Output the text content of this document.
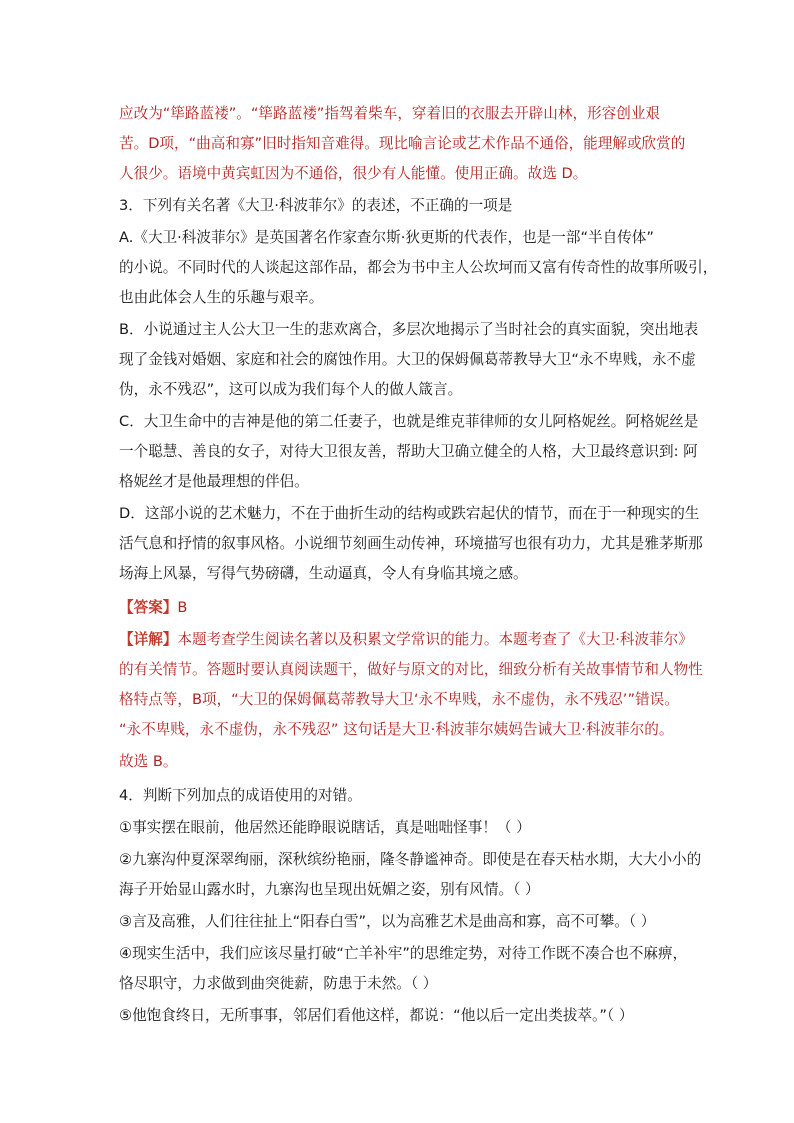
应改为“筚路蓝褛”。“筚路蓝褛”指驾着柴车，穿着旧的衣服去开辟山林，形容创业艰
苦。D项，“曲高和寡”旧时指知音难得。现比喻言论或艺术作品不通俗，能理解或欣赏的
人很少。语境中黄宾虹因为不通俗，很少有人能懂。使用正确。故选 D。
3．下列有关名著《大卫·科波菲尔》的表述，不正确的一项是
A.《大卫·科波菲尔》是英国著名作家查尔斯·狄更斯的代表作，也是一部“半自传体”
的小说。不同时代的人谈起这部作品，都会为书中主人公坎坷而又富有传奇性的故事所吸引，
也由此体会人生的乐趣与艰辛。
B．小说通过主人公大卫一生的悲欢离合，多层次地揭示了当时社会的真实面貌，突出地表
现了金钱对婚姻、家庭和社会的腐蚀作用。大卫的保姆佩葛蒂教导大卫“永不卑贱，永不虚
伪，永不残忍”，这可以成为我们每个人的做人箴言。
C．大卫生命中的吉神是他的第二任妻子，也就是维克菲律师的女儿阿格妮丝。阿格妮丝是
一个聪慧、善良的女子，对待大卫很友善，帮助大卫确立健全的人格，大卫最终意识到: 阿
格妮丝才是他最理想的伴侣。
D．这部小说的艺术魅力，不在于曲折生动的结构或跌宕起伏的情节，而在于一种现实的生
活气息和抒情的叙事风格。小说细节刻画生动传神，环境描写也很有功力，尤其是雅茅斯那
场海上风暴，写得气势磅礴，生动逼真，令人有身临其境之感。
【答案】B
【详解】本题考查学生阅读名著以及积累文学常识的能力。本题考查了《大卫·科波菲尔》
的有关情节。答题时要认真阅读题干，做好与原文的对比，细致分析有关故事情节和人物性
格特点等，B项，“大卫的保姆佩葛蒂教导大卫‘永不卑贱，永不虚伪，永不残忍’”错误。
“永不卑贱，永不虚伪，永不残忍” 这句话是大卫·科波菲尔姨妈告诫大卫·科波菲尔的。
故选 B。
4．判断下列加点的成语使用的对错。
①事实摆在眼前，他居然还能睁眼说瞎话，真是咄咄怪事！（ ）
②九寨沟仲夏深翠绚丽，深秋缤纷艳丽，隆冬静谧神奇。即使是在春天枯水期，大大小小的
海子开始显山露水时，九寨沟也呈现出妩媚之姿，别有风情。（ ）
③言及高雅，人们往往扯上“阳春白雪”，以为高雅艺术是曲高和寡，高不可攀。（ ）
④现实生活中，我们应该尽量打破“亡羊补牢”的思维定势，对待工作既不凑合也不麻痹，
恪尽职守，力求做到曲突徙薪，防患于未然。（ ）
⑤他饱食终日，无所事事，邻居们看他这样，都说：“他以后一定出类拔萃。”（ ）
